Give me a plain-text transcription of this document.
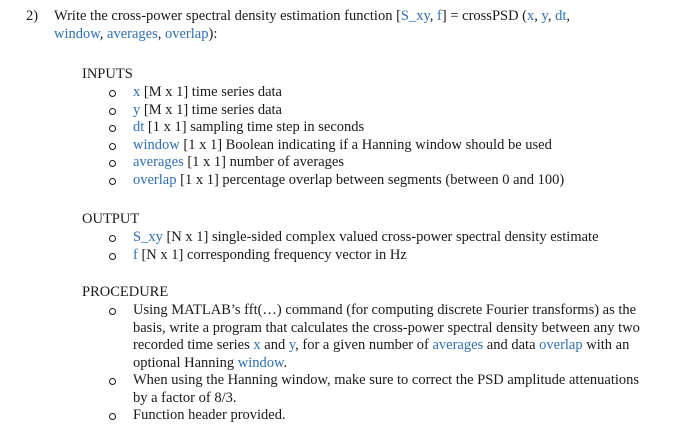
2) Write the cross-power spectral density estimation function [S_xy, f] = crossPSD (x, y, dt,
window, averages, overlap):
INPUTS
x [M x 1] time series data
y [M x 1] time series data
dt [1 x 1] sampling time step in seconds
window [1 x 1] Boolean indicating if a Hanning window should be used
averages [1 x 1] number of averages
overlap [1 x 1] percentage overlap between segments (between 0 and 100)
OUTPUT
S_xy [N x 1] single-sided complex valued cross-power spectral density estimate
f [N x 1] corresponding frequency vector in Hz
PROCEDURE
Using MATLAB’s fft(…) command (for computing discrete Fourier transforms) as the basis, write a program that calculates the cross-power spectral density between any two recorded time series x and y, for a given number of averages and data overlap with an optional Hanning window.
When using the Hanning window, make sure to correct the PSD amplitude attenuations by a factor of 8/3.
Function header provided.
